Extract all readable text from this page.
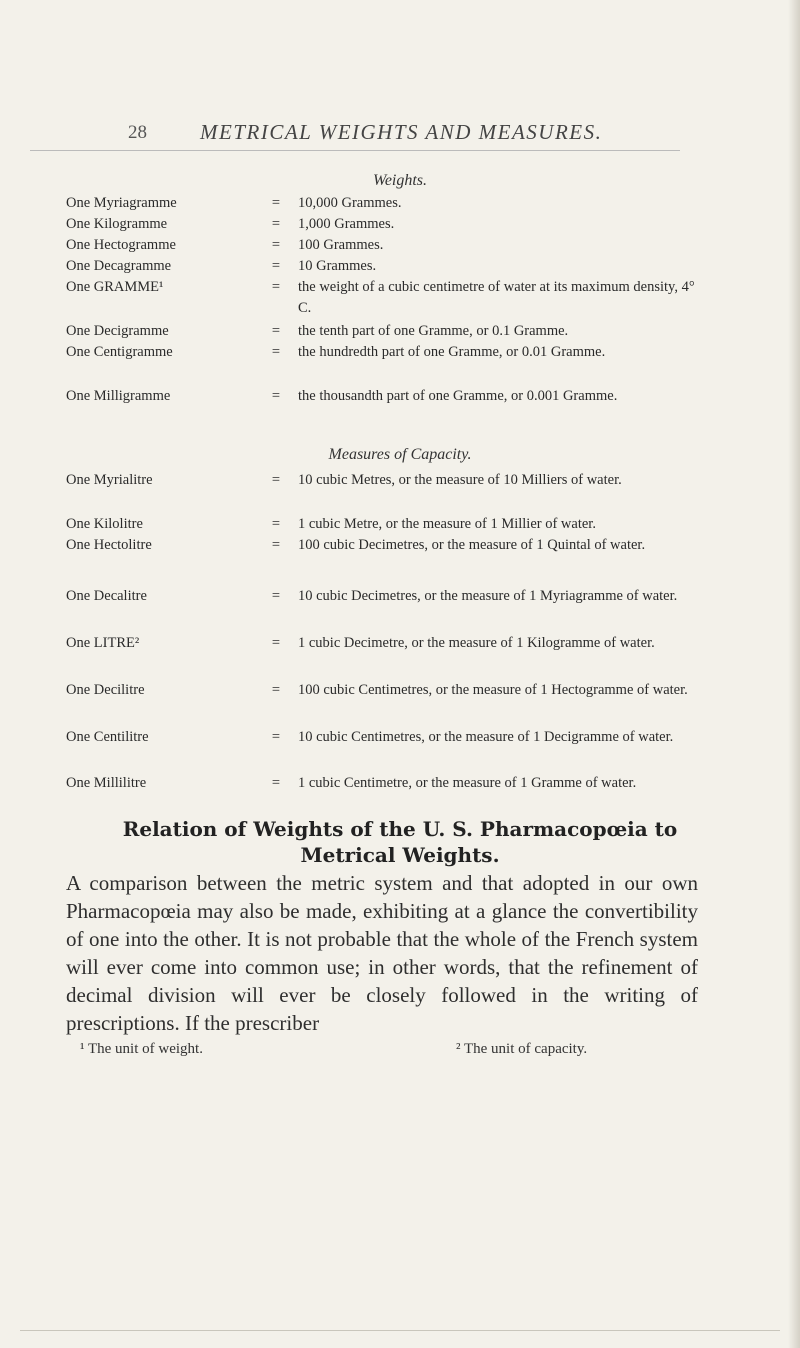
28	METRICAL WEIGHTS AND MEASURES.
Weights.
One Myriagramme	=	10,000 Grammes.
One Kilogramme	=	1,000 Grammes.
One Hectogramme	=	100 Grammes.
One Decagramme	=	10 Grammes.
One GRAMME¹	=	the weight of a cubic centimetre of water at its maximum density, 4° C.
One Decigramme	=	the tenth part of one Gramme, or 0.1 Gramme.
One Centigramme	=	the hundredth part of one Gramme, or 0.01 Gramme.
One Milligramme	=	the thousandth part of one Gramme, or 0.001 Gramme.
Measures of Capacity.
One Myrialitre	=	10 cubic Metres, or the measure of 10 Milliers of water.
One Kilolitre	=	1 cubic Metre, or the measure of 1 Millier of water.
One Hectolitre	=	100 cubic Decimetres, or the measure of 1 Quintal of water.
One Decalitre	=	10 cubic Decimetres, or the measure of 1 Myriagramme of water.
One LITRE²	=	1 cubic Decimetre, or the measure of 1 Kilogramme of water.
One Decilitre	=	100 cubic Centimetres, or the measure of 1 Hectogramme of water.
One Centilitre	=	10 cubic Centimetres, or the measure of 1 Decigramme of water.
One Millilitre	=	1 cubic Centimetre, or the measure of 1 Gramme of water.
Relation of Weights of the U. S. Pharmacopœia to Metrical Weights.
A comparison between the metric system and that adopted in our own Pharmacopœia may also be made, exhibiting at a glance the convertibility of one into the other. It is not probable that the whole of the French system will ever come into common use; in other words, that the refinement of decimal division will ever be closely followed in the writing of prescriptions. If the prescriber
¹ The unit of weight.	² The unit of capacity.
